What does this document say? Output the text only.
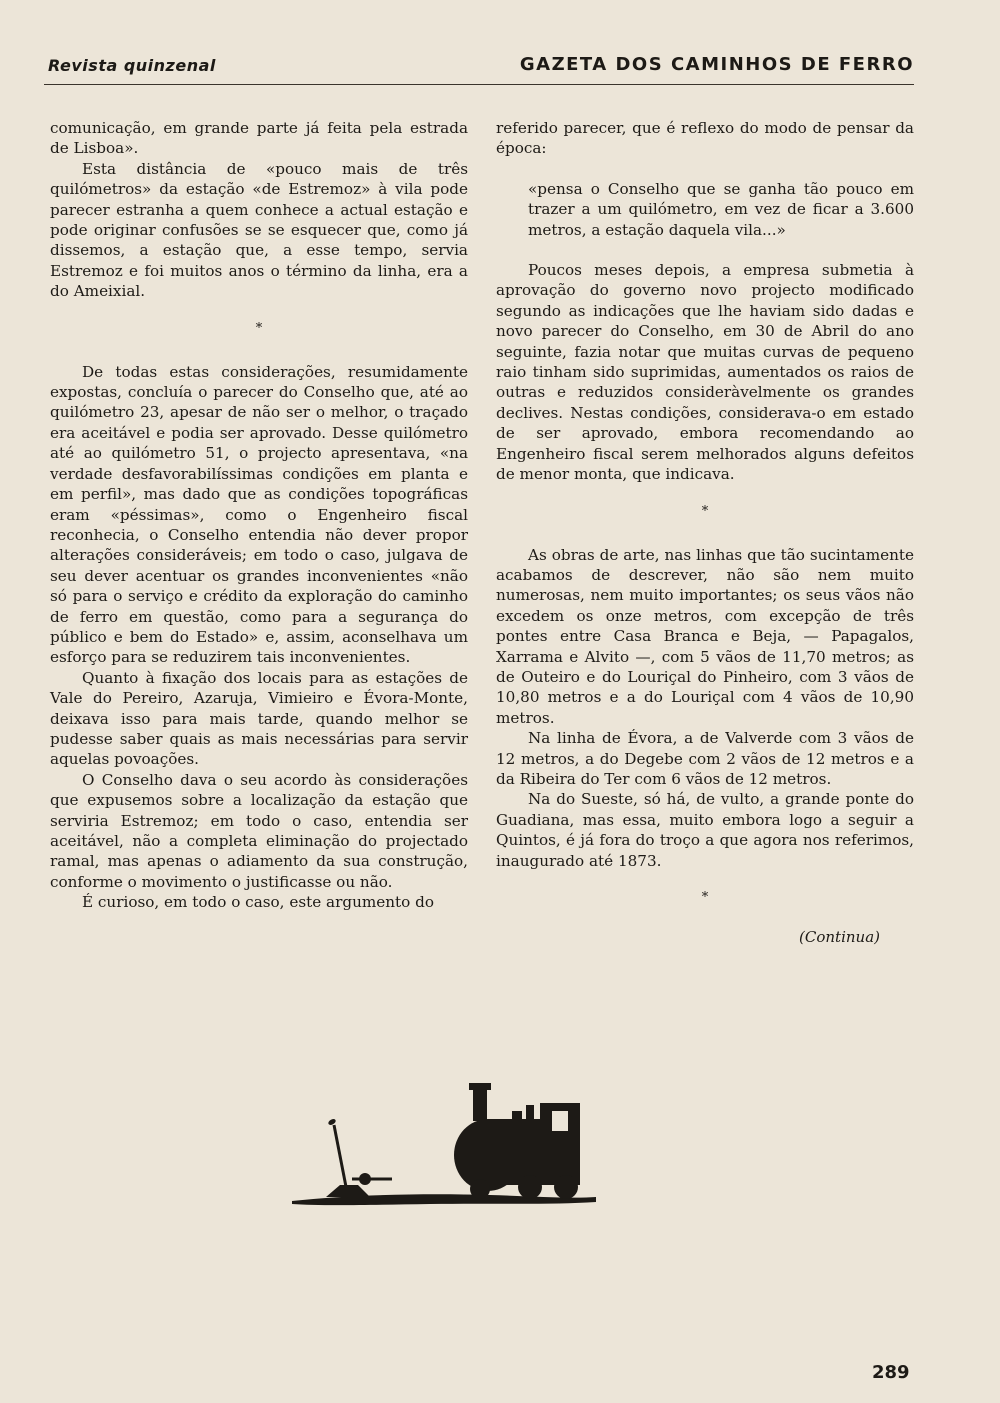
Revista quinzenal	GAZETA DOS CAMINHOS DE FERRO

comunicação, em grande parte já feita pela estrada de Lisboa».

Esta distância de «pouco mais de três quilómetros» da estação «de Estremoz» à vila pode parecer estranha a quem conhece a actual estação e pode originar confusões se se esquecer que, como já dissemos, a estação que, a esse tempo, servia Estremoz e foi muitos anos o términо da linha, era a do Ameixial.

*

De todas estas considerações, resumidamente expostas, concluía o parecer do Conselho que, até ao quilómetro 23, apesar de não ser o melhor, o traçado era aceitável e podia ser aprovado. Desse quilómetro até ao quilómetro 51, o projecto apresentava, «na verdade desfavorabilíssimas condições em planta e em perfil», mas dado que as condições topográficas eram «péssimas», como o Engenheiro fiscal reconhecia, o Conselho entendia não dever propor alterações consideráveis; em todo o caso, julgava de seu dever acentuar os grandes inconvenientes «não só para o serviço e crédito da exploração do caminho de ferro em questão, como para a segurança do público e bem do Estado» e, assim, aconselhava um esforço para se reduzirem tais inconvenientes.

Quanto à fixação dos locais para as estações de Vale do Pereiro, Azaruja, Vimieiro e Évora-Monte, deixava isso para mais tarde, quando melhor se pudesse saber quais as mais necessárias para servir aquelas povoações.

O Conselho dava o seu acordo às considerações que expusemos sobre a localização da estação que serviria Estremoz; em todo o caso, entendia ser aceitável, não a completa eliminação do projectado ramal, mas apenas o adiamento da sua construção, conforme o movimento o justificasse ou não.

É curioso, em todo o caso, este argumento do

referido parecer, que é reflexo do modo de pensar da época:

«pensa o Conselho que se ganha tão pouco em trazer a um quilómetro, em vez de ficar a 3.600 metros, a estação daquela vila...»

Poucos meses depois, a empresa submetia à aprovação do governo novo projecto modificado segundo as indicações que lhe haviam sido dadas e novo parecer do Conselho, em 30 de Abril do ano seguinte, fazia notar que muitas curvas de pequeno raio tinham sido suprimidas, aumentados os raios de outras e reduzidos consideràvelmente os grandes declives. Nestas condições, considerava-o em estado de ser aprovado, embora recomendando ao Engenheiro fiscal serem melhorados alguns defeitos de menor monta, que indicava.

*

As obras de arte, nas linhas que tão sucintamente acabamos de descrever, não são nem muito numerosas, nem muito importantes; os seus vãos não excedem os onze metros, com excepção de três pontes entre Casa Branca e Beja, — Papagalos, Xarrama e Alvito —, com 5 vãos de 11,70 metros; as de Outeiro e do Louriçal do Pinheiro, com 3 vãos de 10,80 metros e a do Louriçal com 4 vãos de 10,90 metros.

Na linha de Évora, a de Valverde com 3 vãos de 12 metros, a do Degebe com 2 vãos de 12 metros e a da Ribeira do Ter com 6 vãos de 12 metros.

Na do Sueste, só há, de vulto, a grande ponte do Guadiana, mas essa, muito embora logo a seguir a Quintos, é já fora do troço a que agora nos referimos, inaugurado até 1873.

*
(Continua)
289
